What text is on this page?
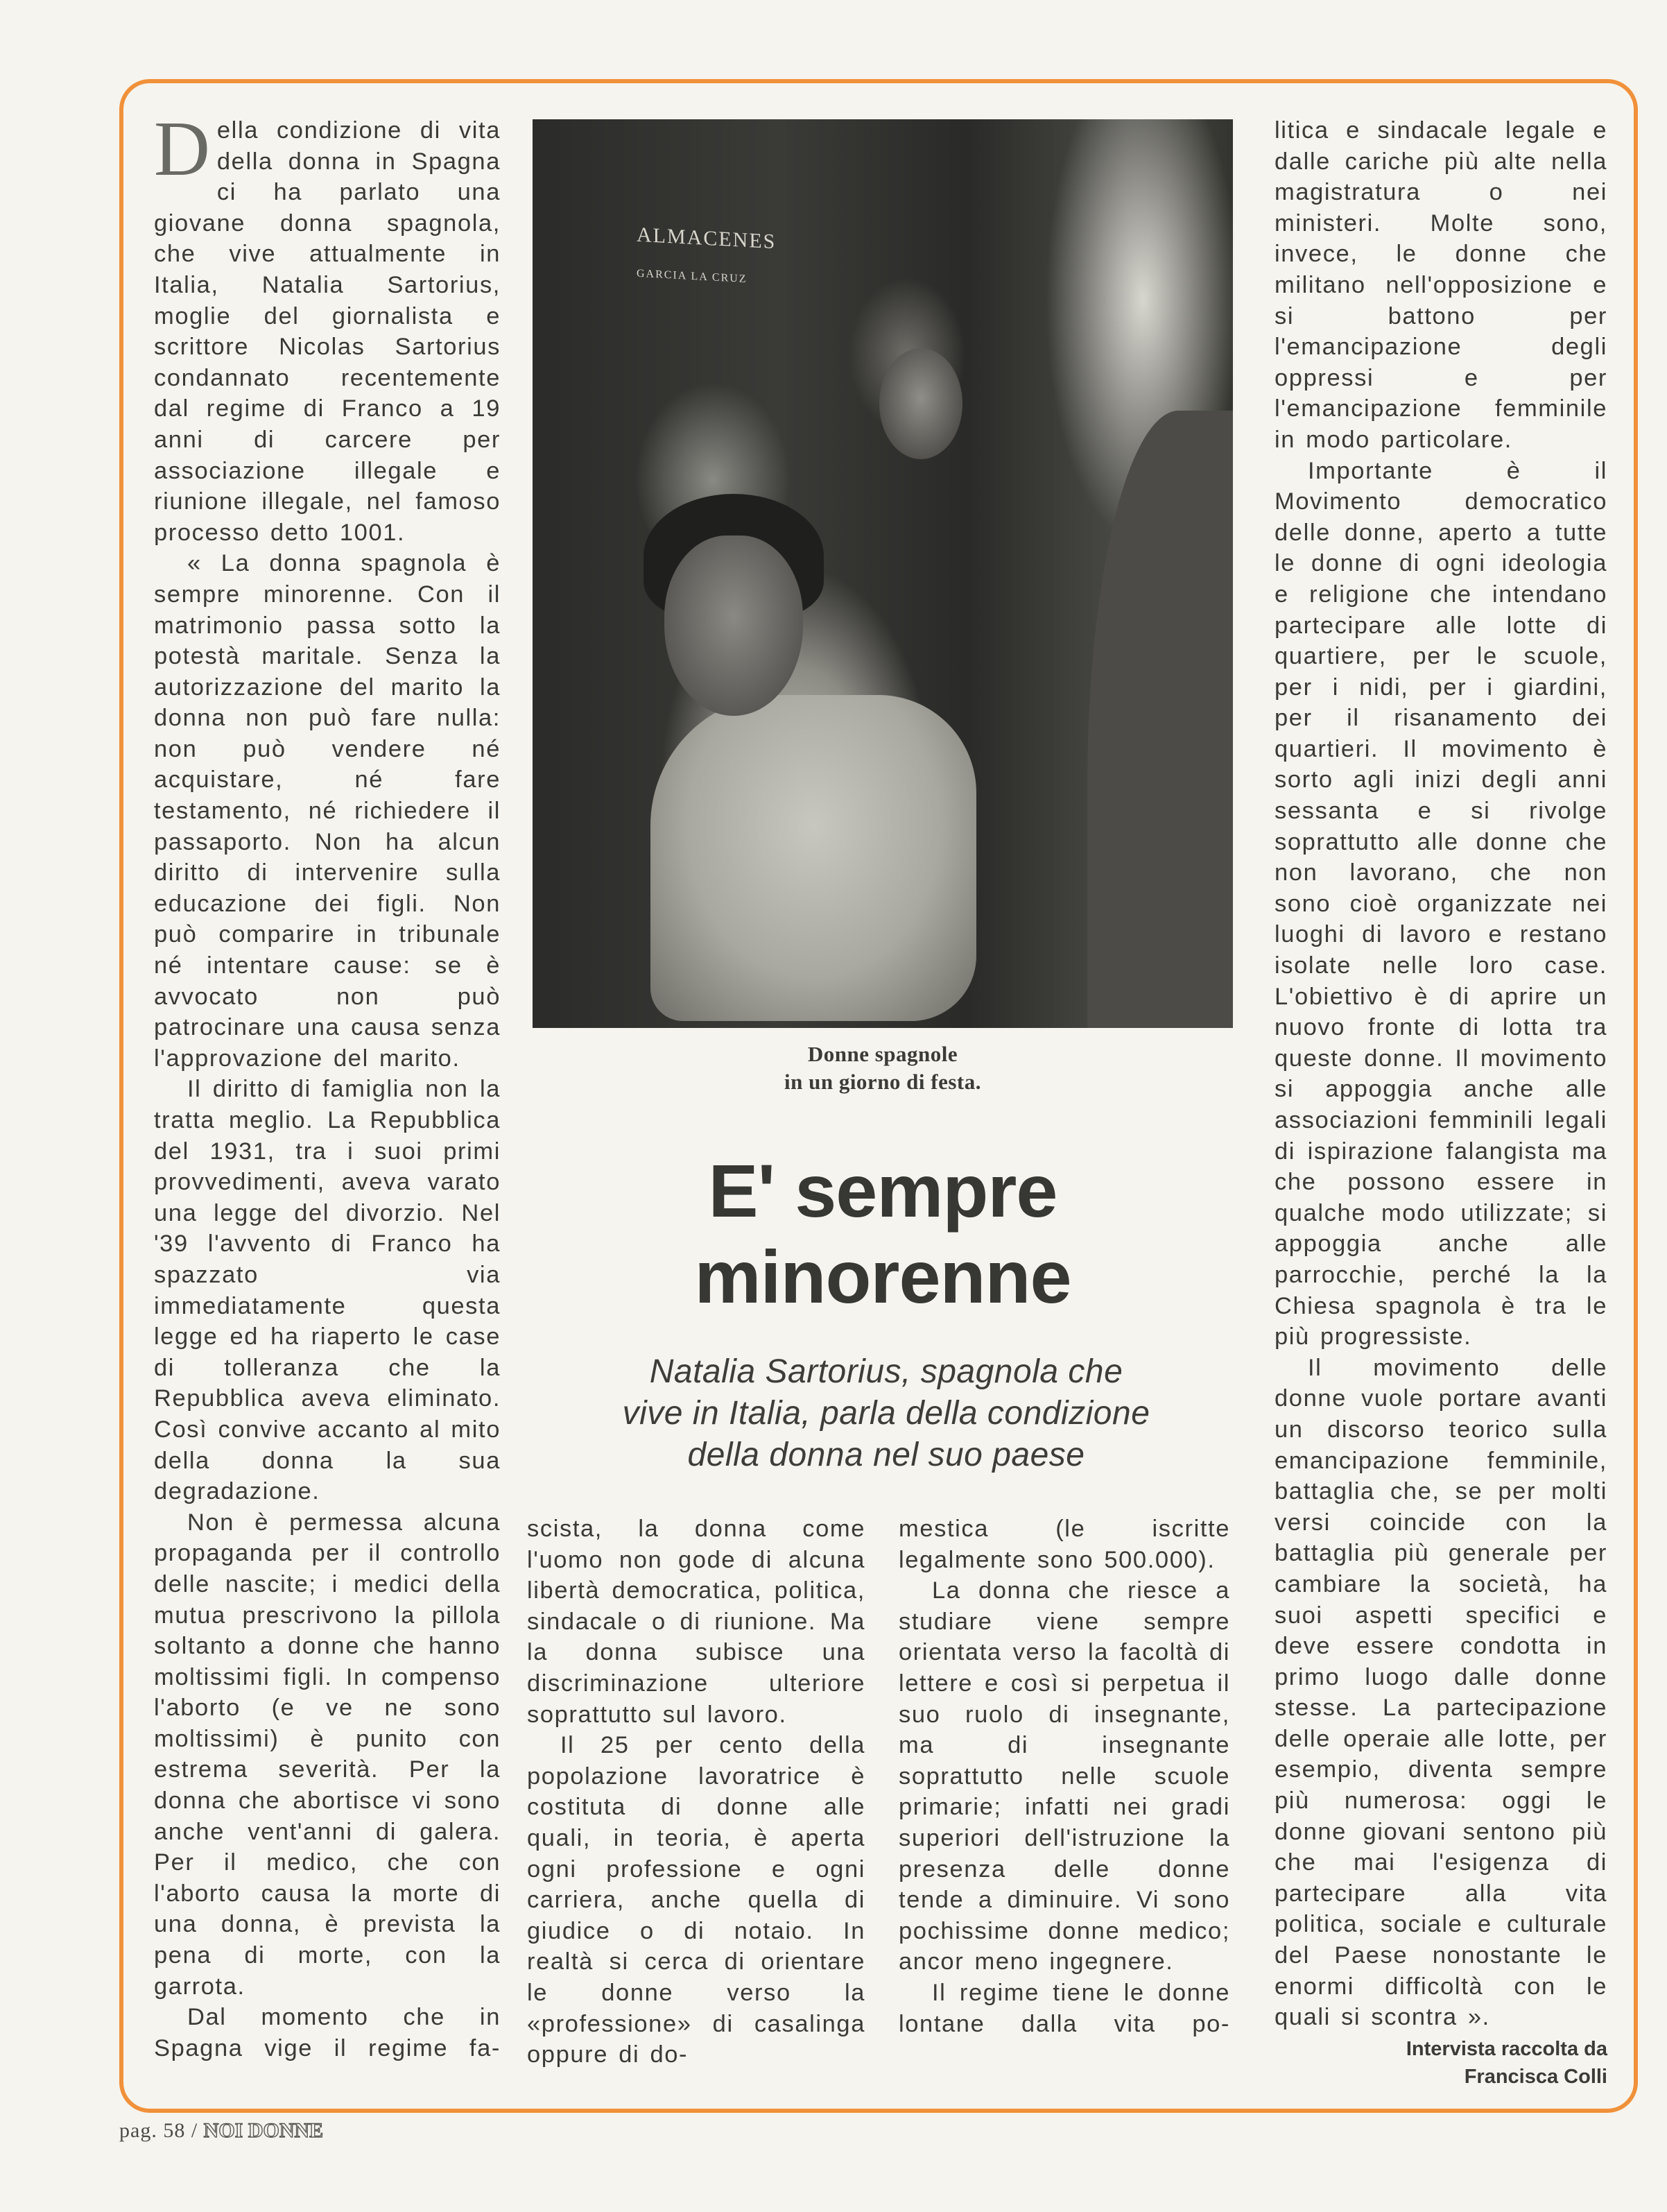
Della condizione di vita della donna in Spagna ci ha parlato una giovane donna spagnola, che vive attualmente in Italia, Natalia Sartorius, moglie del giornalista e scrittore Nicolas Sartorius condannato recentemente dal regime di Franco a 19 anni di carcere per associazione illegale e riunione illegale, nel famoso processo detto 1001.

« La donna spagnola è sempre minorenne. Con il matrimonio passa sotto la potestà maritale. Senza la autorizzazione del marito la donna non può fare nulla: non può vendere né acquistare, né fare testamento, né richiedere il passaporto. Non ha alcun diritto di intervenire sulla educazione dei figli. Non può comparire in tribunale né intentare cause: se è avvocato non può patrocinare una causa senza l'approvazione del marito.

Il diritto di famiglia non la tratta meglio. La Repubblica del 1931, tra i suoi primi provvedimenti, aveva varato una legge del divorzio. Nel '39 l'avvento di Franco ha spazzato via immediatamente questa legge ed ha riaperto le case di tolleranza che la Repubblica aveva eliminato. Così convive accanto al mito della donna la sua degradazione.

Non è permessa alcuna propaganda per il controllo delle nascite; i medici della mutua prescrivono la pillola soltanto a donne che hanno moltissimi figli. In compenso l'aborto (e ve ne sono moltissimi) è punito con estrema severità. Per la donna che abortisce vi sono anche vent'anni di galera. Per il medico, che con l'aborto causa la morte di una donna, è prevista la pena di morte, con la garrota.

Dal momento che in Spagna vige il regime fa-

ALMACENES
GARCIA LA CRUZ
Donne spagnole
in un giorno di festa.
E' sempre
minorenne
Natalia Sartorius, spagnola che
vive in Italia, parla della condizione
della donna nel suo paese

scista, la donna come l'uomo non gode di alcuna libertà democratica, politica, sindacale o di riunione. Ma la donna subisce una discriminazione ulteriore soprattutto sul lavoro.

Il 25 per cento della popolazione lavoratrice è costituta di donne alle quali, in teoria, è aperta ogni professione e ogni carriera, anche quella di giudice o di notaio. In realtà si cerca di orientare le donne verso la «professione» di casalinga oppure di do-

mestica (le iscritte legalmente sono 500.000).

La donna che riesce a studiare viene sempre orientata verso la facoltà di lettere e così si perpetua il suo ruolo di insegnante, ma di insegnante soprattutto nelle scuole primarie; infatti nei gradi superiori dell'istruzione la presenza delle donne tende a diminuire. Vi sono pochissime donne medico; ancor meno ingegnere.

Il regime tiene le donne lontane dalla vita po-

litica e sindacale legale e dalle cariche più alte nella magistratura o nei ministeri. Molte sono, invece, le donne che militano nell'opposizione e si battono per l'emancipazione degli oppressi e per l'emancipazione femminile in modo particolare.

Importante è il Movimento democratico delle donne, aperto a tutte le donne di ogni ideologia e religione che intendano partecipare alle lotte di quartiere, per le scuole, per i nidi, per i giardini, per il risanamento dei quartieri. Il movimento è sorto agli inizi degli anni sessanta e si rivolge soprattutto alle donne che non lavorano, che non sono cioè organizzate nei luoghi di lavoro e restano isolate nelle loro case. L'obiettivo è di aprire un nuovo fronte di lotta tra queste donne. Il movimento si appoggia anche alle associazioni femminili legali di ispirazione falangista ma che possono essere in qualche modo utilizzate; si appoggia anche alle parrocchie, perché la la Chiesa spagnola è tra le più progressiste.

Il movimento delle donne vuole portare avanti un discorso teorico sulla emancipazione femminile, battaglia che, se per molti versi coincide con la battaglia più generale per cambiare la società, ha suoi aspetti specifici e deve essere condotta in primo luogo dalle donne stesse. La partecipazione delle operaie alle lotte, per esempio, diventa sempre più numerosa: oggi le donne giovani sentono più che mai l'esigenza di partecipare alla vita politica, sociale e culturale del Paese nonostante le enormi difficoltà con le quali si scontra ».

Intervista raccolta da
Francisca Colli
pag. 58 / NOI DONNE
